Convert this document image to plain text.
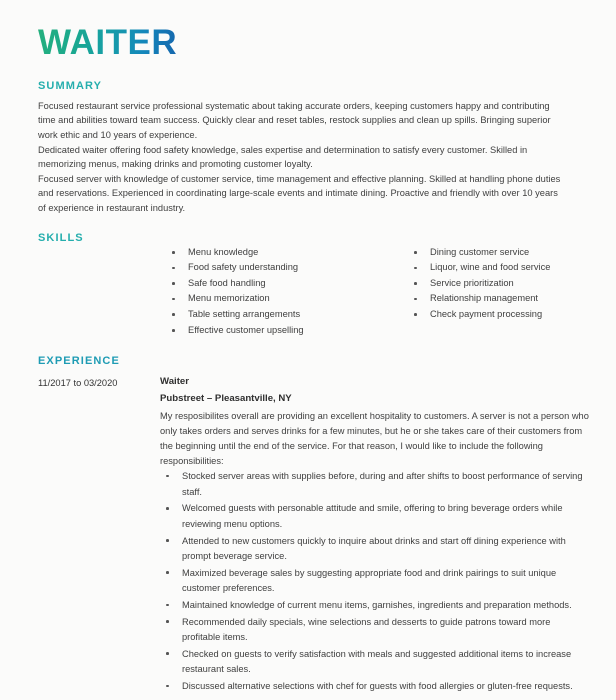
WAITER
SUMMARY

Focused restaurant service professional systematic about taking accurate orders, keeping customers happy and contributing time and abilities toward team success. Quickly clear and reset tables, restock supplies and clean up spills. Bringing superior work ethic and 10 years of experience.

Dedicated waiter offering food safety knowledge, sales expertise and determination to satisfy every customer. Skilled in memorizing menus, making drinks and promoting customer loyalty.

Focused server with knowledge of customer service, time management and effective planning. Skilled at handling phone duties and reservations. Experienced in coordinating large-scale events and intimate dining. Proactive and friendly with over 10 years of experience in restaurant industry.

SKILLS
Menu knowledge
Food safety understanding
Safe food handling
Menu memorization
Table setting arrangements
Effective customer upselling
Dining customer service
Liquor, wine and food service
Service prioritization
Relationship management
Check payment processing
EXPERIENCE
11/2017 to 03/2020	Waiter

Pubstreet – Pleasantville, NY

My resposibilites overall are providing an excellent hospitality to customers. A server is not a person who only takes orders and serves drinks for a few minutes, but he or she takes care of their customers from the beginning until the end of the service. For that reason, I would like to include the following responsibilities:

Stocked server areas with supplies before, during and after shifts to boost performance of serving staff.
Welcomed guests with personable attitude and smile, offering to bring beverage orders while reviewing menu options.
Attended to new customers quickly to inquire about drinks and start off dining experience with prompt beverage service.
Maximized beverage sales by suggesting appropriate food and drink pairings to suit unique customer preferences.
Maintained knowledge of current menu items, garnishes, ingredients and preparation methods.
Recommended daily specials, wine selections and desserts to guide patrons toward more profitable items.
Checked on guests to verify satisfaction with meals and suggested additional items to increase restaurant sales.
Discussed alternative selections with chef for guests with food allergies or gluten-free requests.
